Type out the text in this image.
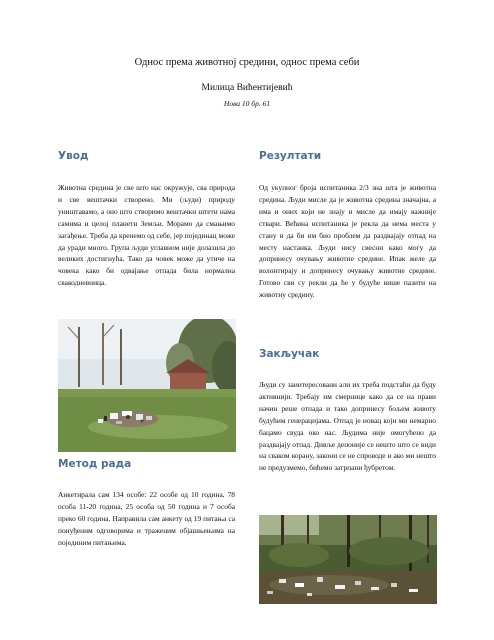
Однос према животној средини, однос према себи
Милица Вићентијевић
Нова 10 бр. 61
Увод

Животна средина је све што нас окружује, сва природа и све вештачки створено. Ми (људи) природу уништавамо, а оно што створимо вештачки штети нама самима и целој планети Земљи. Морамо да смањимо загађење. Треба да кренемо од себе, јер појединац може да уради много. Група људи углавном није долазила до великих достигнућа. Тако да човек може да утиче на човека како би одвајање отпада била нормална свакодневница.

Метод рада

Анкетирала сам 134 особе: 22 особе од 10 година, 78 особа 11-20 година, 25 особа од 50 година и 7 особа преко 60 година. Направила сам анкету од 19 питања са понуђеним одговорима и траженим објашњењима на појединим питањима.

Резултати

Од укупног броја испитаника 2/3 зна шта је животна средина. Људи мисле да је животна средина значајна, а има и оних који не знају и мисле да имају важније ствари. Већина испитаника је рекла да нема места у стану и да би им био проблем да раздвајају отпад на месту настанка. Људи нису свесни како могу да допринесу очувању животне средине. Ипак желе да волонтирају и допринесу очувању животне средине. Готово сви су рекли да ће у будуће више пазити на животну средину.

Закључак

Људи су заинтересовани али их треба подстаћи да буду активнији. Требају им смернице како да се на прави начин реше отпада и тако допринесу бољем животу будућим генерацијама. Отпад је новац који ми немарно бацамо свуда око нас. Људима није омогућено да раздвајају отпад. Дивље депоније се нешто што се види на сваком корану, закони се не спроводе и ако ми нешто не предузмемо, бићемо затрпани ђубретом.
